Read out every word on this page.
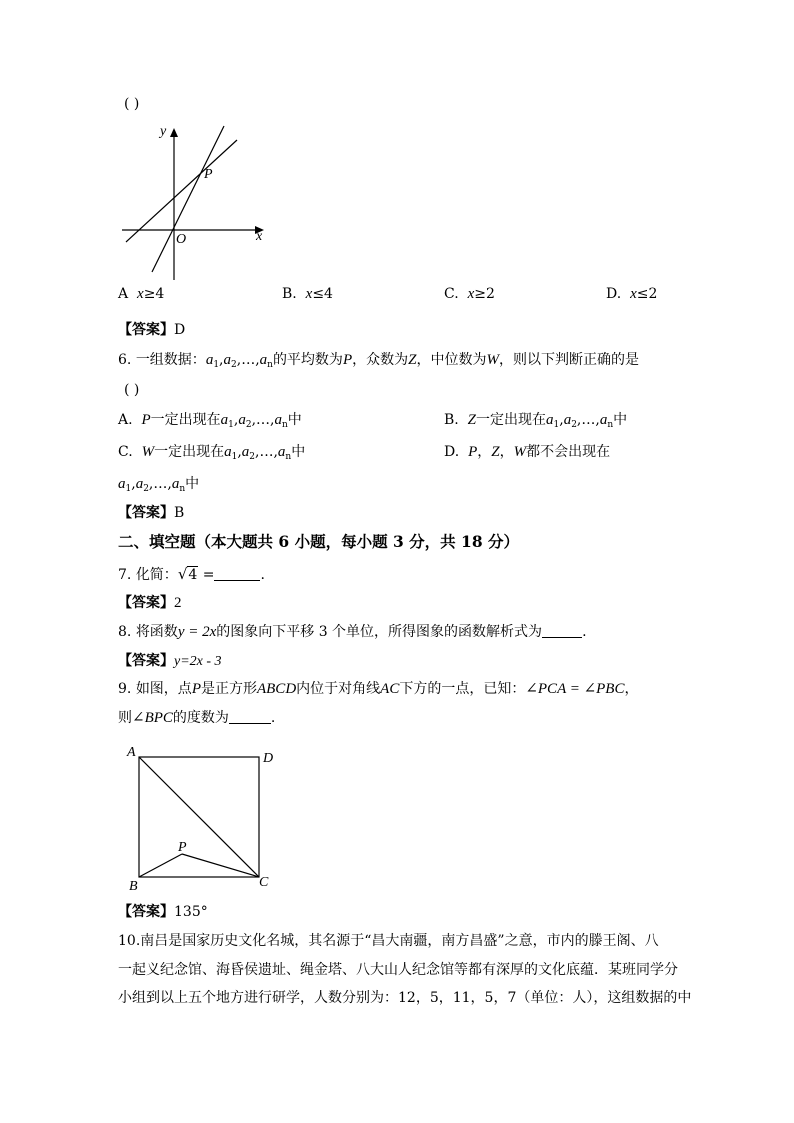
( )
y
x
O
P
A x≥4	B. x≤4	C. x≥2	D. x≤2
【答案】D
6. 一组数据：$a_1,a_2,\dots,a_n$的平均数为P，众数为Z，中位数为W，则以下判断正确的是
( )
A. P一定出现在$a_1,a_2,\dots,a_n$中	B. Z一定出现在$a_1,a_2,\dots,a_n$中
C. W一定出现在$a_1,a_2,\dots,a_n$中	D. P，Z，W都不会出现在
$a_1,a_2,\dots,a_n$中
【答案】B
二、填空题（本大题共 6 小题，每小题 3 分，共 18 分）
7. 化简：√4 =	.
【答案】2
8. 将函数y = 2x的图象向下平移 3 个单位，所得图象的函数解析式为	.
【答案】y=2x - 3
9. 如图，点P是正方形ABCD内位于对角线AC下方的一点，已知：∠PCA = ∠PBC，
则∠BPC的度数为	.
A	D
B	C
P
【答案】135°
10.南吕是国家历史文化名城，其名源于“昌大南疆，南方昌盛”之意，市内的滕王阁、八
一起义纪念馆、海昏侯遗址、绳金塔、八大山人纪念馆等都有深厚的文化底蕴．某班同学分
小组到以上五个地方进行研学，人数分别为：12，5，11，5，7（单位：人），这组数据的中
